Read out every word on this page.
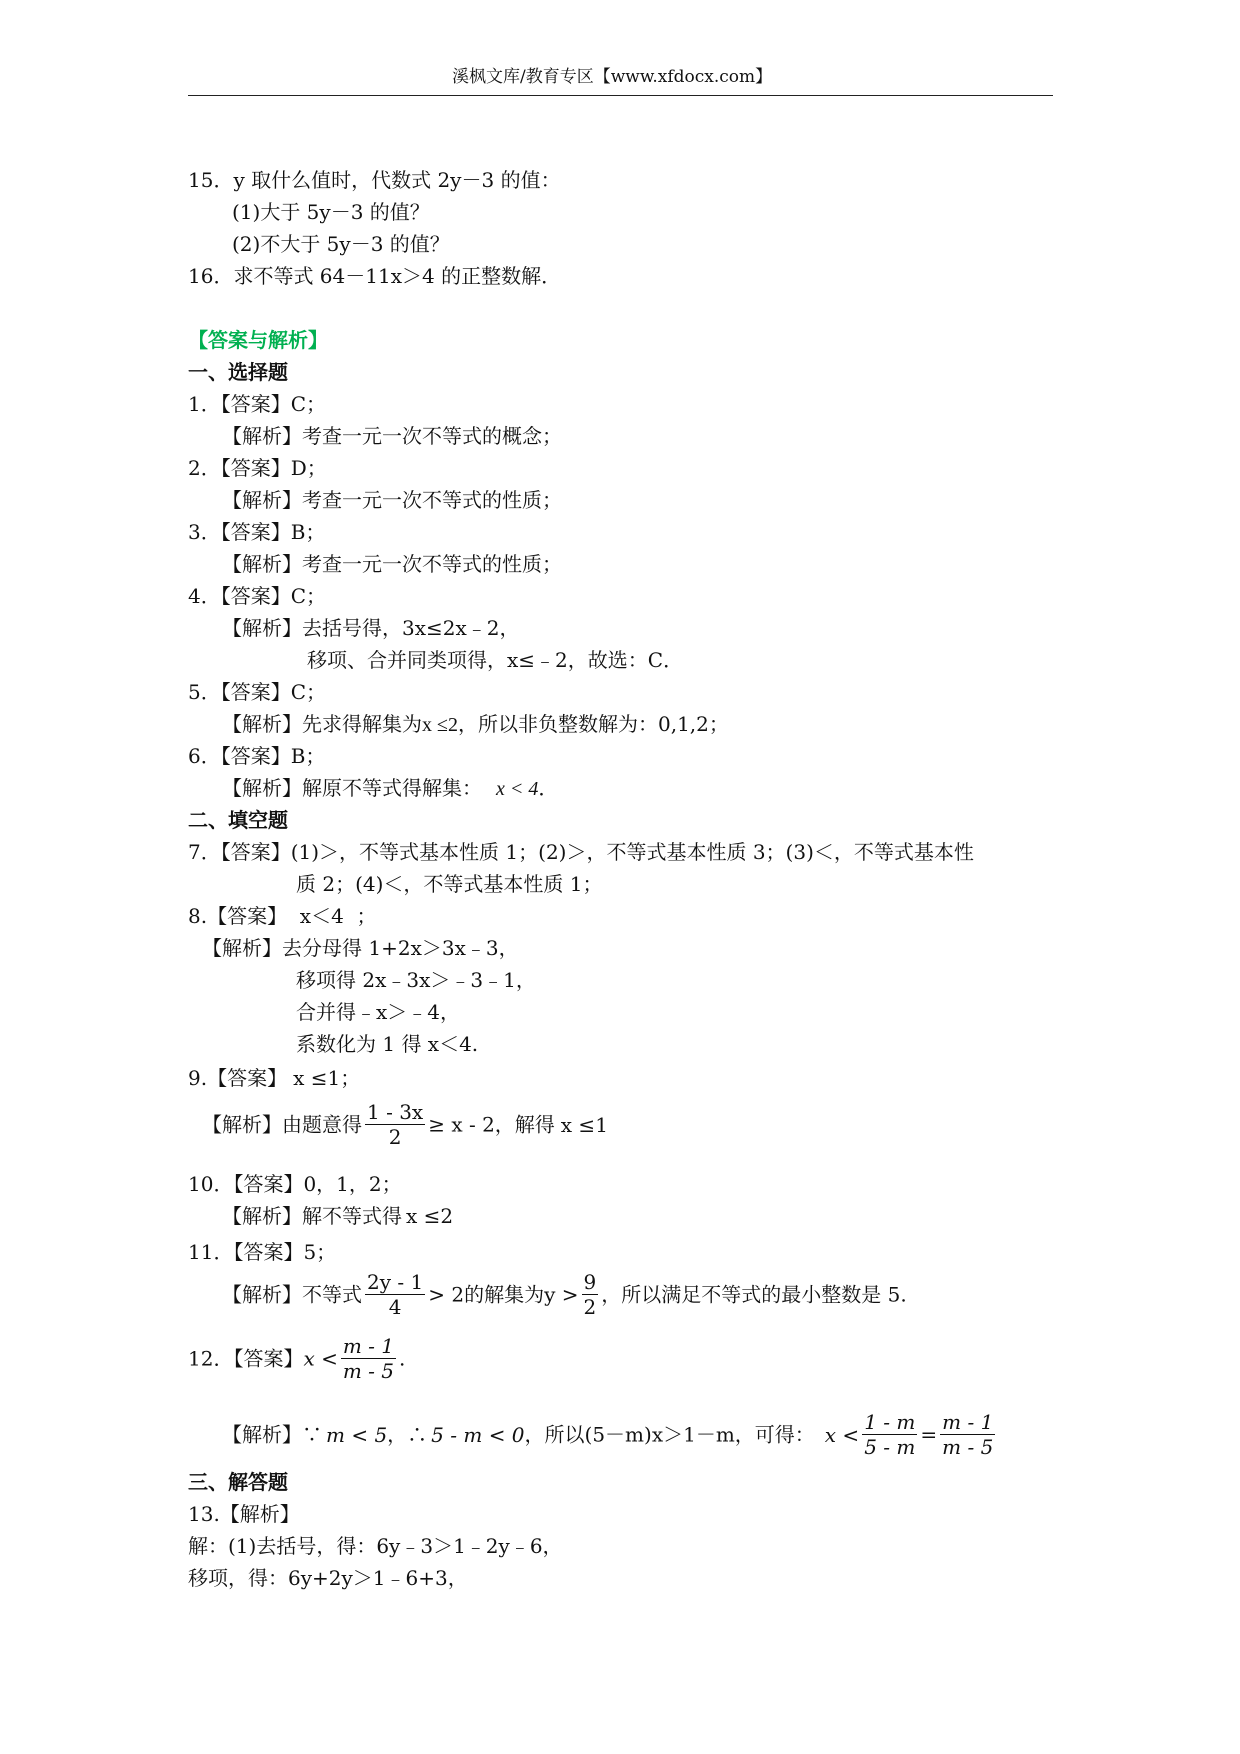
溪枫文库/教育专区【www.xfdocx.com】
15．y 取什么值时，代数式 2y－3 的值：
(1)大于 5y－3 的值？
(2)不大于 5y－3 的值？
16．求不等式 64－11x＞4 的正整数解．
【答案与解析】
一、选择题
1．【答案】C；
【解析】考查一元一次不等式的概念；
2．【答案】D；
【解析】考查一元一次不等式的性质；
3．【答案】B；
【解析】考查一元一次不等式的性质；
4．【答案】C；
【解析】去括号得，3x≤2x﹣2，
移项、合并同类项得，x≤﹣2，故选：C．
5．【答案】C；
【解析】先求得解集为x ≤2，所以非负整数解为：0,1,2；
6．【答案】B；
【解析】解原不等式得解集： x < 4．
二、填空题
7．【答案】(1)＞，不等式基本性质 1；(2)＞，不等式基本性质 3；(3)＜，不等式基本性
质 2；(4)＜，不等式基本性质 1；
8.【答案】  x＜4  ；
【解析】去分母得 1+2x＞3x﹣3，
移项得 2x﹣3x＞﹣3﹣1，
合并得﹣x＞﹣4，
系数化为 1 得 x＜4.
9.【答案】 x ≤1；
【解析】由题意得 $\frac{1 - 3x}{2} \ge x - 2$，解得 x ≤1
10．【答案】0，1，2；
【解析】解不等式得 x ≤2
11．【答案】5；
【解析】不等式 $\frac{2y - 1}{4} > 2$的解集为$y > \frac{9}{2}$ ，所以满足不等式的最小整数是 5.
12．【答案】$x < \frac{m - 1}{m - 5}$ .
【解析】∵ m < 5，∴ 5 - m < 0，所以(5－m)x＞1－m，可得： $x < \frac{1 - m}{5 - m} = \frac{m - 1}{m - 5}$
三、解答题
13.【解析】
解：(1)去括号，得：6y﹣3＞1﹣2y﹣6，
移项，得：6y+2y＞1﹣6+3，
